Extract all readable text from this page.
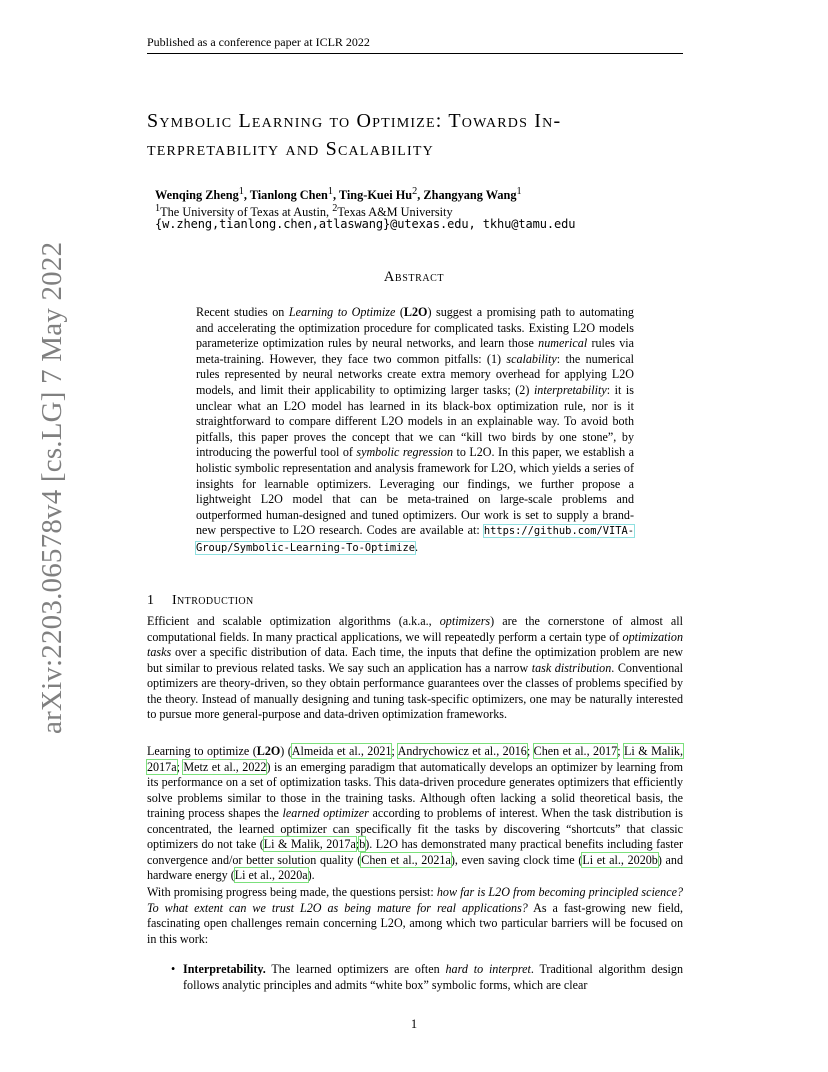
Published as a conference paper at ICLR 2022
arXiv:2203.06578v4 [cs.LG] 7 May 2022
Symbolic Learning to Optimize: Towards In-
terpretability and Scalability
Wenqing Zheng$^1$, Tianlong Chen$^1$, Ting-Kuei Hu$^2$, Zhangyang Wang$^1$
$^1$The University of Texas at Austin, $^2$Texas A&M University
{w.zheng,tianlong.chen,atlaswang}@utexas.edu, tkhu@tamu.edu
Abstract
Recent studies on Learning to Optimize (L2O) suggest a promising path to automating and accelerating the optimization procedure for complicated tasks. Existing L2O models parameterize optimization rules by neural networks, and learn those numerical rules via meta-training. However, they face two common pitfalls: (1) scalability: the numerical rules represented by neural networks create extra memory overhead for applying L2O models, and limit their applicability to optimizing larger tasks; (2) interpretability: it is unclear what an L2O model has learned in its black-box optimization rule, nor is it straightforward to compare different L2O models in an explainable way. To avoid both pitfalls, this paper proves the concept that we can “kill two birds by one stone”, by introducing the powerful tool of symbolic regression to L2O. In this paper, we establish a holistic symbolic representation and analysis framework for L2O, which yields a series of insights for learnable optimizers. Leveraging our findings, we further propose a lightweight L2O model that can be meta-trained on large-scale problems and outperformed human-designed and tuned optimizers. Our work is set to supply a brand-new perspective to L2O research. Codes are available at: https://github.com/VITA-Group/Symbolic-Learning-To-Optimize.
1 Introduction
Efficient and scalable optimization algorithms (a.k.a., optimizers) are the cornerstone of almost all computational fields. In many practical applications, we will repeatedly perform a certain type of optimization tasks over a specific distribution of data. Each time, the inputs that define the optimization problem are new but similar to previous related tasks. We say such an application has a narrow task distribution. Conventional optimizers are theory-driven, so they obtain performance guarantees over the classes of problems specified by the theory. Instead of manually designing and tuning task-specific optimizers, one may be naturally interested to pursue more general-purpose and data-driven optimization frameworks.
Learning to optimize (L2O) (Almeida et al., 2021; Andrychowicz et al., 2016; Chen et al., 2017; Li & Malik, 2017a; Metz et al., 2022) is an emerging paradigm that automatically develops an optimizer by learning from its performance on a set of optimization tasks. This data-driven procedure generates optimizers that efficiently solve problems similar to those in the training tasks. Although often lacking a solid theoretical basis, the training process shapes the learned optimizer according to problems of interest. When the task distribution is concentrated, the learned optimizer can specifically fit the tasks by discovering “shortcuts” that classic optimizers do not take (Li & Malik, 2017a;b). L2O has demonstrated many practical benefits including faster convergence and/or better solution quality (Chen et al., 2021a), even saving clock time (Li et al., 2020b) and hardware energy (Li et al., 2020a).
With promising progress being made, the questions persist: how far is L2O from becoming principled science? To what extent can we trust L2O as being mature for real applications? As a fast-growing new field, fascinating open challenges remain concerning L2O, among which two particular barriers will be focused on in this work:
• Interpretability. The learned optimizers are often hard to interpret. Traditional algorithm design follows analytic principles and admits “white box” symbolic forms, which are clear
1
